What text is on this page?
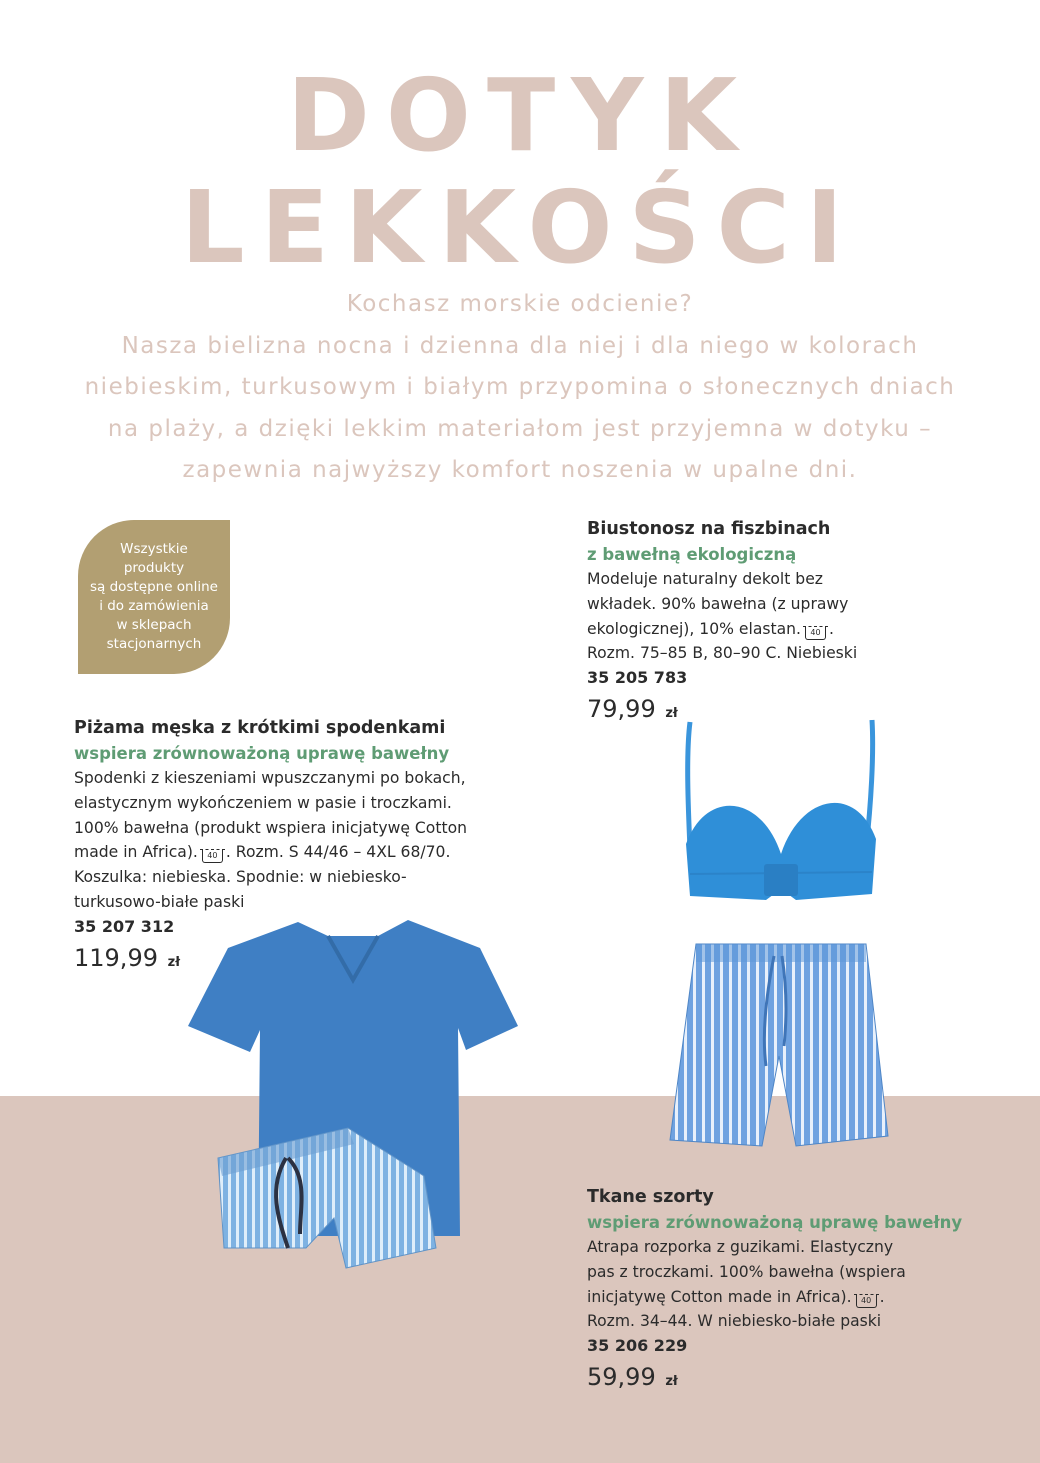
DOTYK
LEKKOŚCI

Kochasz morskie odcienie?

Nasza bielizna nocna i dzienna dla niej i dla niego w kolorach

niebieskim, turkusowym i białym przypomina o słonecznych dniach

na plaży, a dzięki lekkim materiałom jest przyjemna w dotyku –

zapewnia najwyższy komfort noszenia w upalne dni.

Wszystkie
produkty
są dostępne online
i do zamówienia
w sklepach
stacjonarnych
Piżama męska z krótkimi spodenkami
wspiera zrównoważoną uprawę bawełny
Spodenki z kieszeniami wpuszczanymi po bokach,
elastycznym wykończeniem w pasie i troczkami.
100% bawełna (produkt wspiera inicjatywę Cotton
made in Africa). 40 . Rozm. S 44/46 – 4XL 68/70.
Koszulka: niebieska. Spodnie: w niebiesko-
turkusowo-białe paski
35 207 312
119,99 zł
Biustonosz na fiszbinach
z bawełną ekologiczną
Modeluje naturalny dekolt bez
wkładek. 90% bawełna (z uprawy
ekologicznej), 10% elastan. 40 .
Rozm. 75–85 B, 80–90 C. Niebieski
35 205 783
79,99 zł
Tkane szorty
wspiera zrównoważoną uprawę bawełny
Atrapa rozporka z guzikami. Elastyczny
pas z troczkami. 100% bawełna (wspiera
inicjatywę Cotton made in Africa). 40 .
Rozm. 34–44. W niebiesko-białe paski
35 206 229
59,99 zł
